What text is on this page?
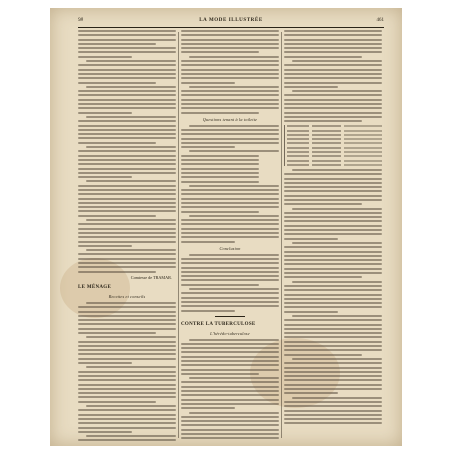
98	LA MODE ILLUSTRÉE	461
Comtesse de TRAMAR.
LE MÉNAGE
Recettes et conseils
Questions tenant à la toilette
Conclusion
CONTRE LA TUBERCULOSE
L'hérédo-tuberculose
